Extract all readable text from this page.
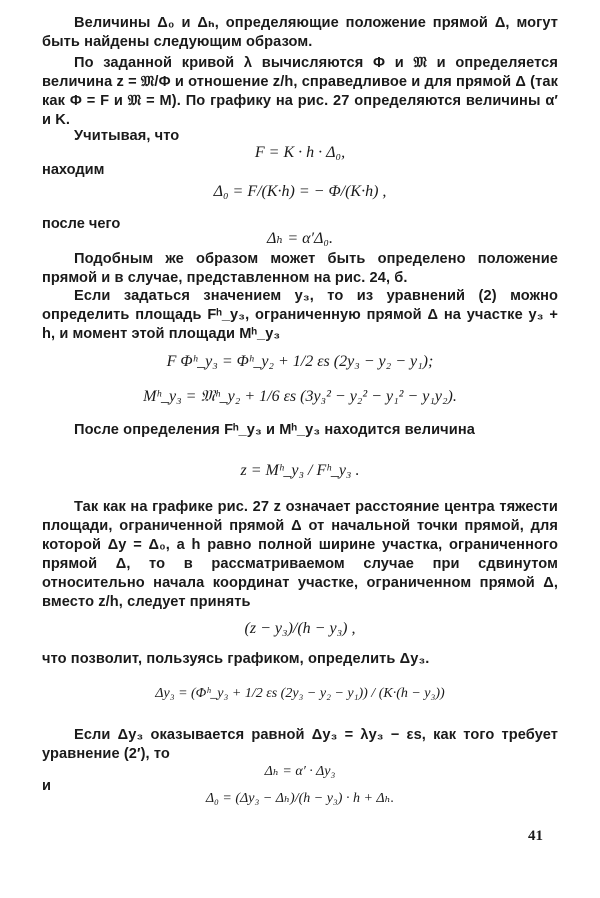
Величины Δ₀ и Δₕ, определяющие положение прямой Δ, могут быть найдены следующим образом.
По заданной кривой λ вычисляются Φ и 𝔐 и определяется величина z = 𝔐/Φ и отношение z/h, справедливое и для прямой Δ (так как Φ = F и 𝔐 = M). По графику на рис. 27 определяются величины α′ и K.
Учитывая, что
F = K · h · Δ₀,
находим
Δ₀ = F/(K·h) = − Φ/(K·h) ,
после чего
Δₕ = α′Δ₀.
Подобным же образом может быть определено положение прямой и в случае, представленном на рис. 24, б.
Если задаться значением y₃, то из уравнений (2) можно определить площадь Fʰ_y₃, ограниченную прямой Δ на участке y₃ + h, и момент этой площади Mʰ_y₃
F Φʰ_y₃ = Φʰ_y₂ + 1/2 εs (2y₃ − y₂ − y₁);
Mʰ_y₃ = 𝔐ʰ_y₂ + 1/6 εs (3y₃² − y₂² − y₁² − y₁y₂).
После определения Fʰ_y₃ и Mʰ_y₃ находится величина
z = Mʰ_y₃ / Fʰ_y₃ .
Так как на графике рис. 27 z означает расстояние центра тяжести площади, ограниченной прямой Δ от начальной точки прямой, для которой Δy = Δ₀, а h равно полной ширине участка, ограниченного прямой Δ, то в рассматриваемом случае при сдвинутом относительно начала координат участке, ограниченном прямой Δ, вместо z/h, следует принять
(z − y₃)/(h − y₃) ,
что позволит, пользуясь графиком, определить Δy₃.
Δy₃ = (Φʰ_y₃ + 1/2 εs (2y₃ − y₂ − y₁)) / (K·(h − y₃))
Если Δy₃ оказывается равной Δy₃ = λy₃ − εs, как того требует уравнение (2′), то
Δₕ = α′ · Δy₃
и
Δ₀ = (Δy₃ − Δₕ)/(h − y₃) · h + Δₕ.
41
